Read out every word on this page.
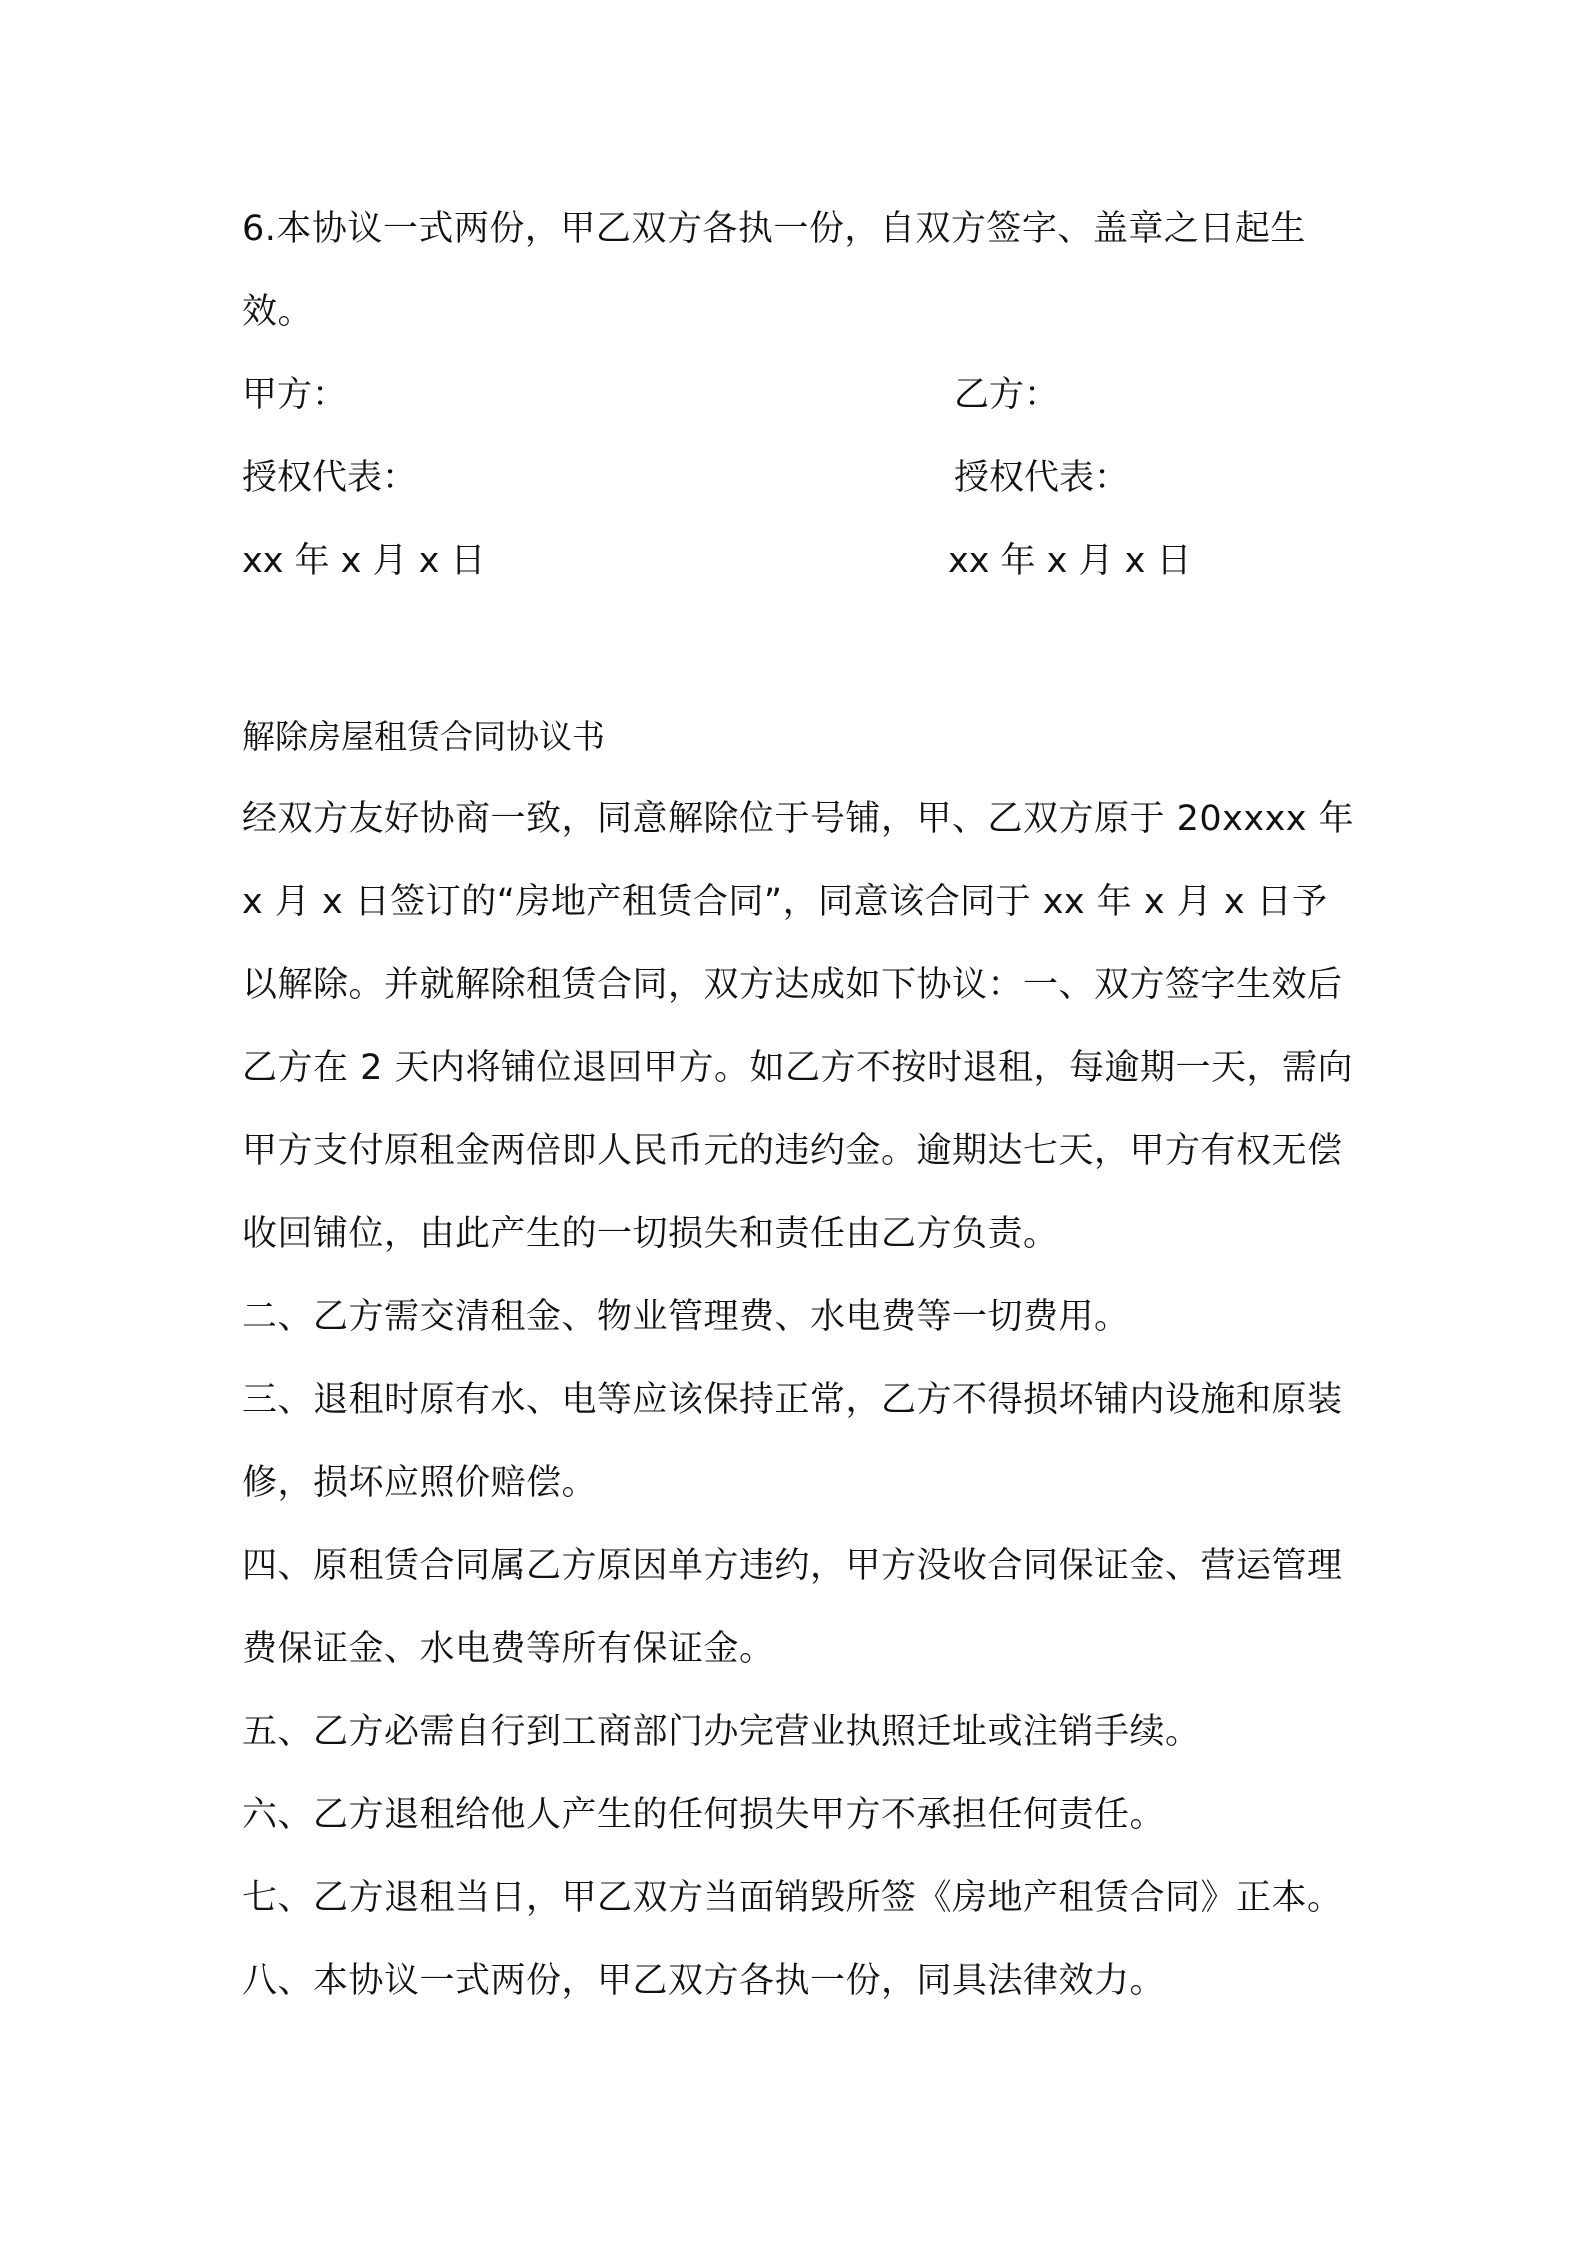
6.本协议一式两份，甲乙双方各执一份，自双方签字、盖章之日起生效。

甲方：	乙方：
授权代表：	授权代表：
xx 年 x 月 x 日	xx 年 x 月 x 日
解除房屋租赁合同协议书

经双方友好协商一致，同意解除位于号铺，甲、乙双方原于 20xxxx 年 x 月 x 日签订的“房地产租赁合同”，同意该合同于 xx 年 x 月 x 日予以解除。并就解除租赁合同，双方达成如下协议：一、双方签字生效后乙方在 2 天内将铺位退回甲方。如乙方不按时退租，每逾期一天，需向甲方支付原租金两倍即人民币元的违约金。逾期达七天，甲方有权无偿收回铺位，由此产生的一切损失和责任由乙方负责。

二、乙方需交清租金、物业管理费、水电费等一切费用。

三、退租时原有水、电等应该保持正常，乙方不得损坏铺内设施和原装修，损坏应照价赔偿。

四、原租赁合同属乙方原因单方违约，甲方没收合同保证金、营运管理费保证金、水电费等所有保证金。

五、乙方必需自行到工商部门办完营业执照迁址或注销手续。

六、乙方退租给他人产生的任何损失甲方不承担任何责任。

七、乙方退租当日，甲乙双方当面销毁所签《房地产租赁合同》正本。

八、本协议一式两份，甲乙双方各执一份，同具法律效力。
